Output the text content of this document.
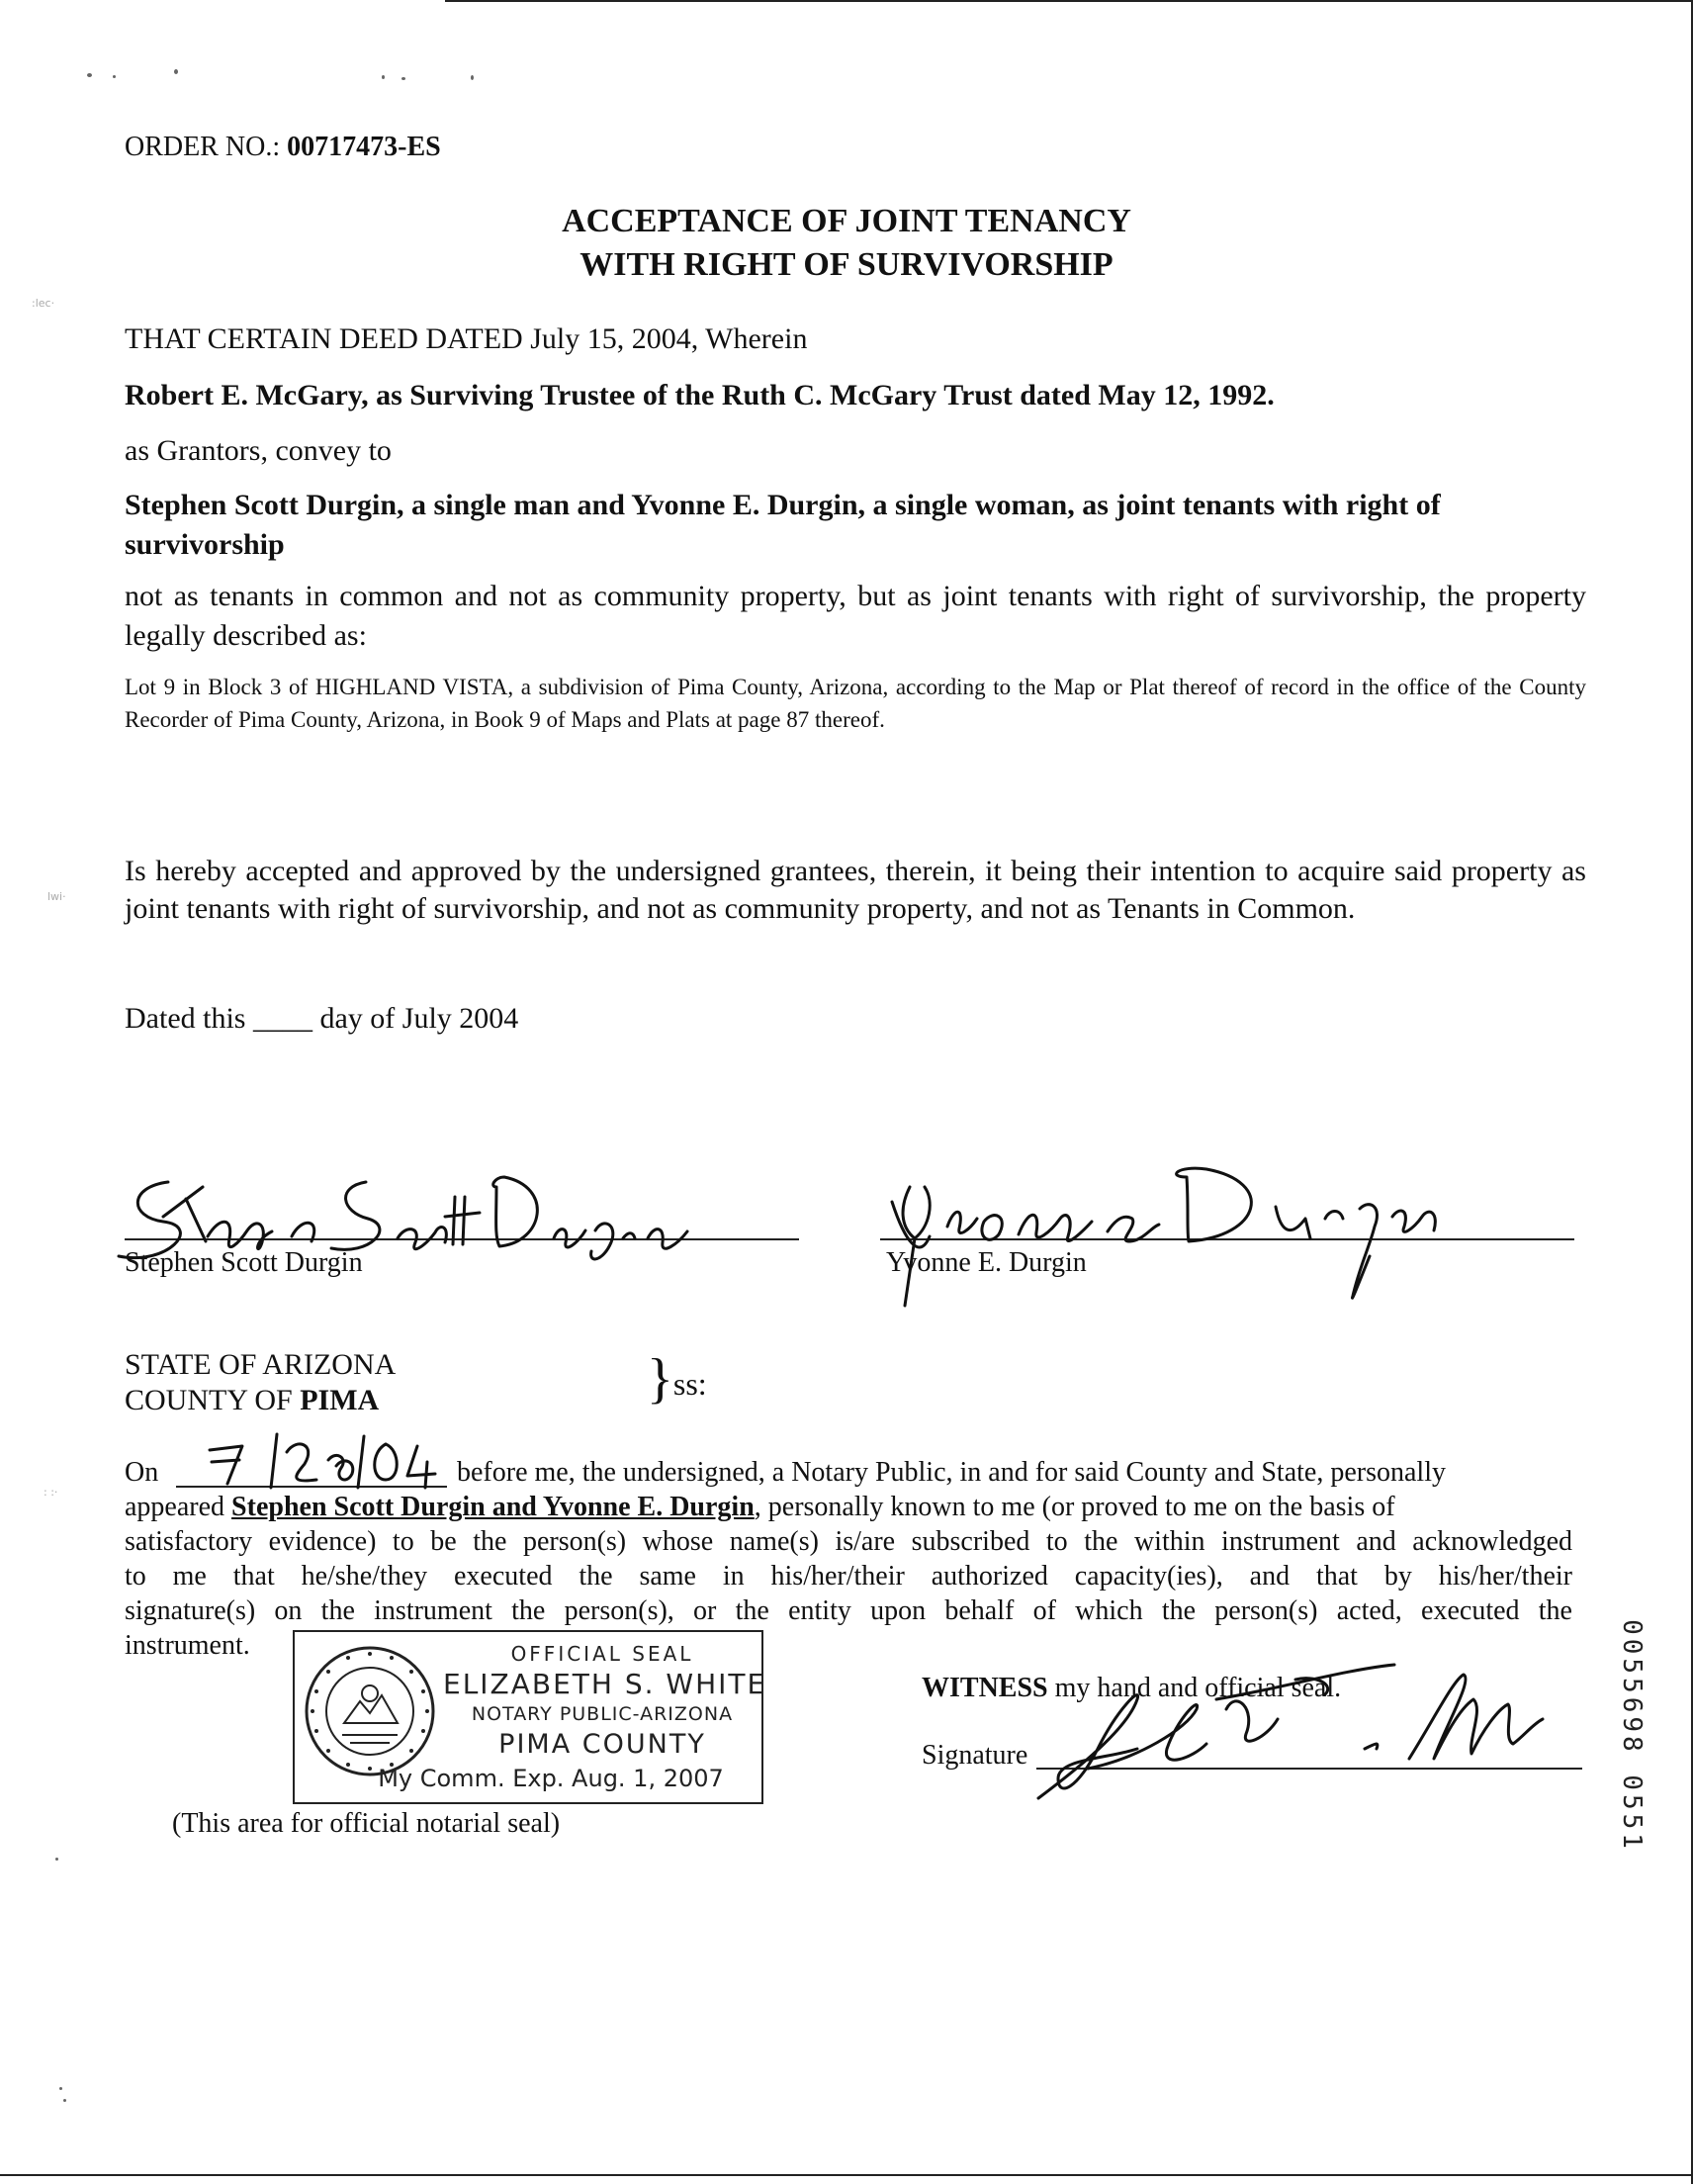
:lec·
lwi·
: :·
ORDER NO.: 00717473-ES
ACCEPTANCE OF JOINT TENANCY
WITH RIGHT OF SURVIVORSHIP
THAT CERTAIN DEED DATED July 15, 2004, Wherein
Robert E. McGary, as Surviving Trustee of the Ruth C. McGary Trust dated May 12, 1992.
as Grantors, convey to
Stephen Scott Durgin, a single man and Yvonne E. Durgin, a single woman, as joint tenants with right of survivorship
not as tenants in common and not as community property, but as joint tenants with right of survivorship, the property legally described as:
Lot 9 in Block 3 of HIGHLAND VISTA, a subdivision of Pima County, Arizona, according to the Map or Plat thereof of record in the office of the County Recorder of Pima County, Arizona, in Book 9 of Maps and Plats at page 87 thereof.
Is hereby accepted and approved by the undersigned grantees, therein, it being their intention to acquire said property as joint tenants with right of survivorship, and not as community property, and not as Tenants in Common.
Dated this ____ day of July 2004
Stephen Scott Durgin	Yvonne E. Durgin
Stephen Scott Durgin	Yvonne E. Durgin
STATE OF ARIZONA
COUNTY OF PIMA	}ss:
On
7/28/04
before me, the undersigned, a Notary Public, in and for said County and State, personally
appeared Stephen Scott Durgin and Yvonne E. Durgin, personally known to me (or proved to me on the basis of
satisfactory evidence) to be the person(s) whose name(s) is/are subscribed to the within instrument and acknowledged
to me that he/she/they executed the same in his/her/their authorized capacity(ies), and that by his/her/their
signature(s) on the instrument the person(s), or the entity upon behalf of which the person(s) acted, executed the
instrument.	OFFICIAL SEAL
ELIZABETH S. WHITE
NOTARY PUBLIC-ARIZONA
PIMA COUNTY
My Comm. Exp. Aug. 1, 2007
(This area for official notarial seal)
WITNESS my hand and official seal.
Signature	0055698 0551
